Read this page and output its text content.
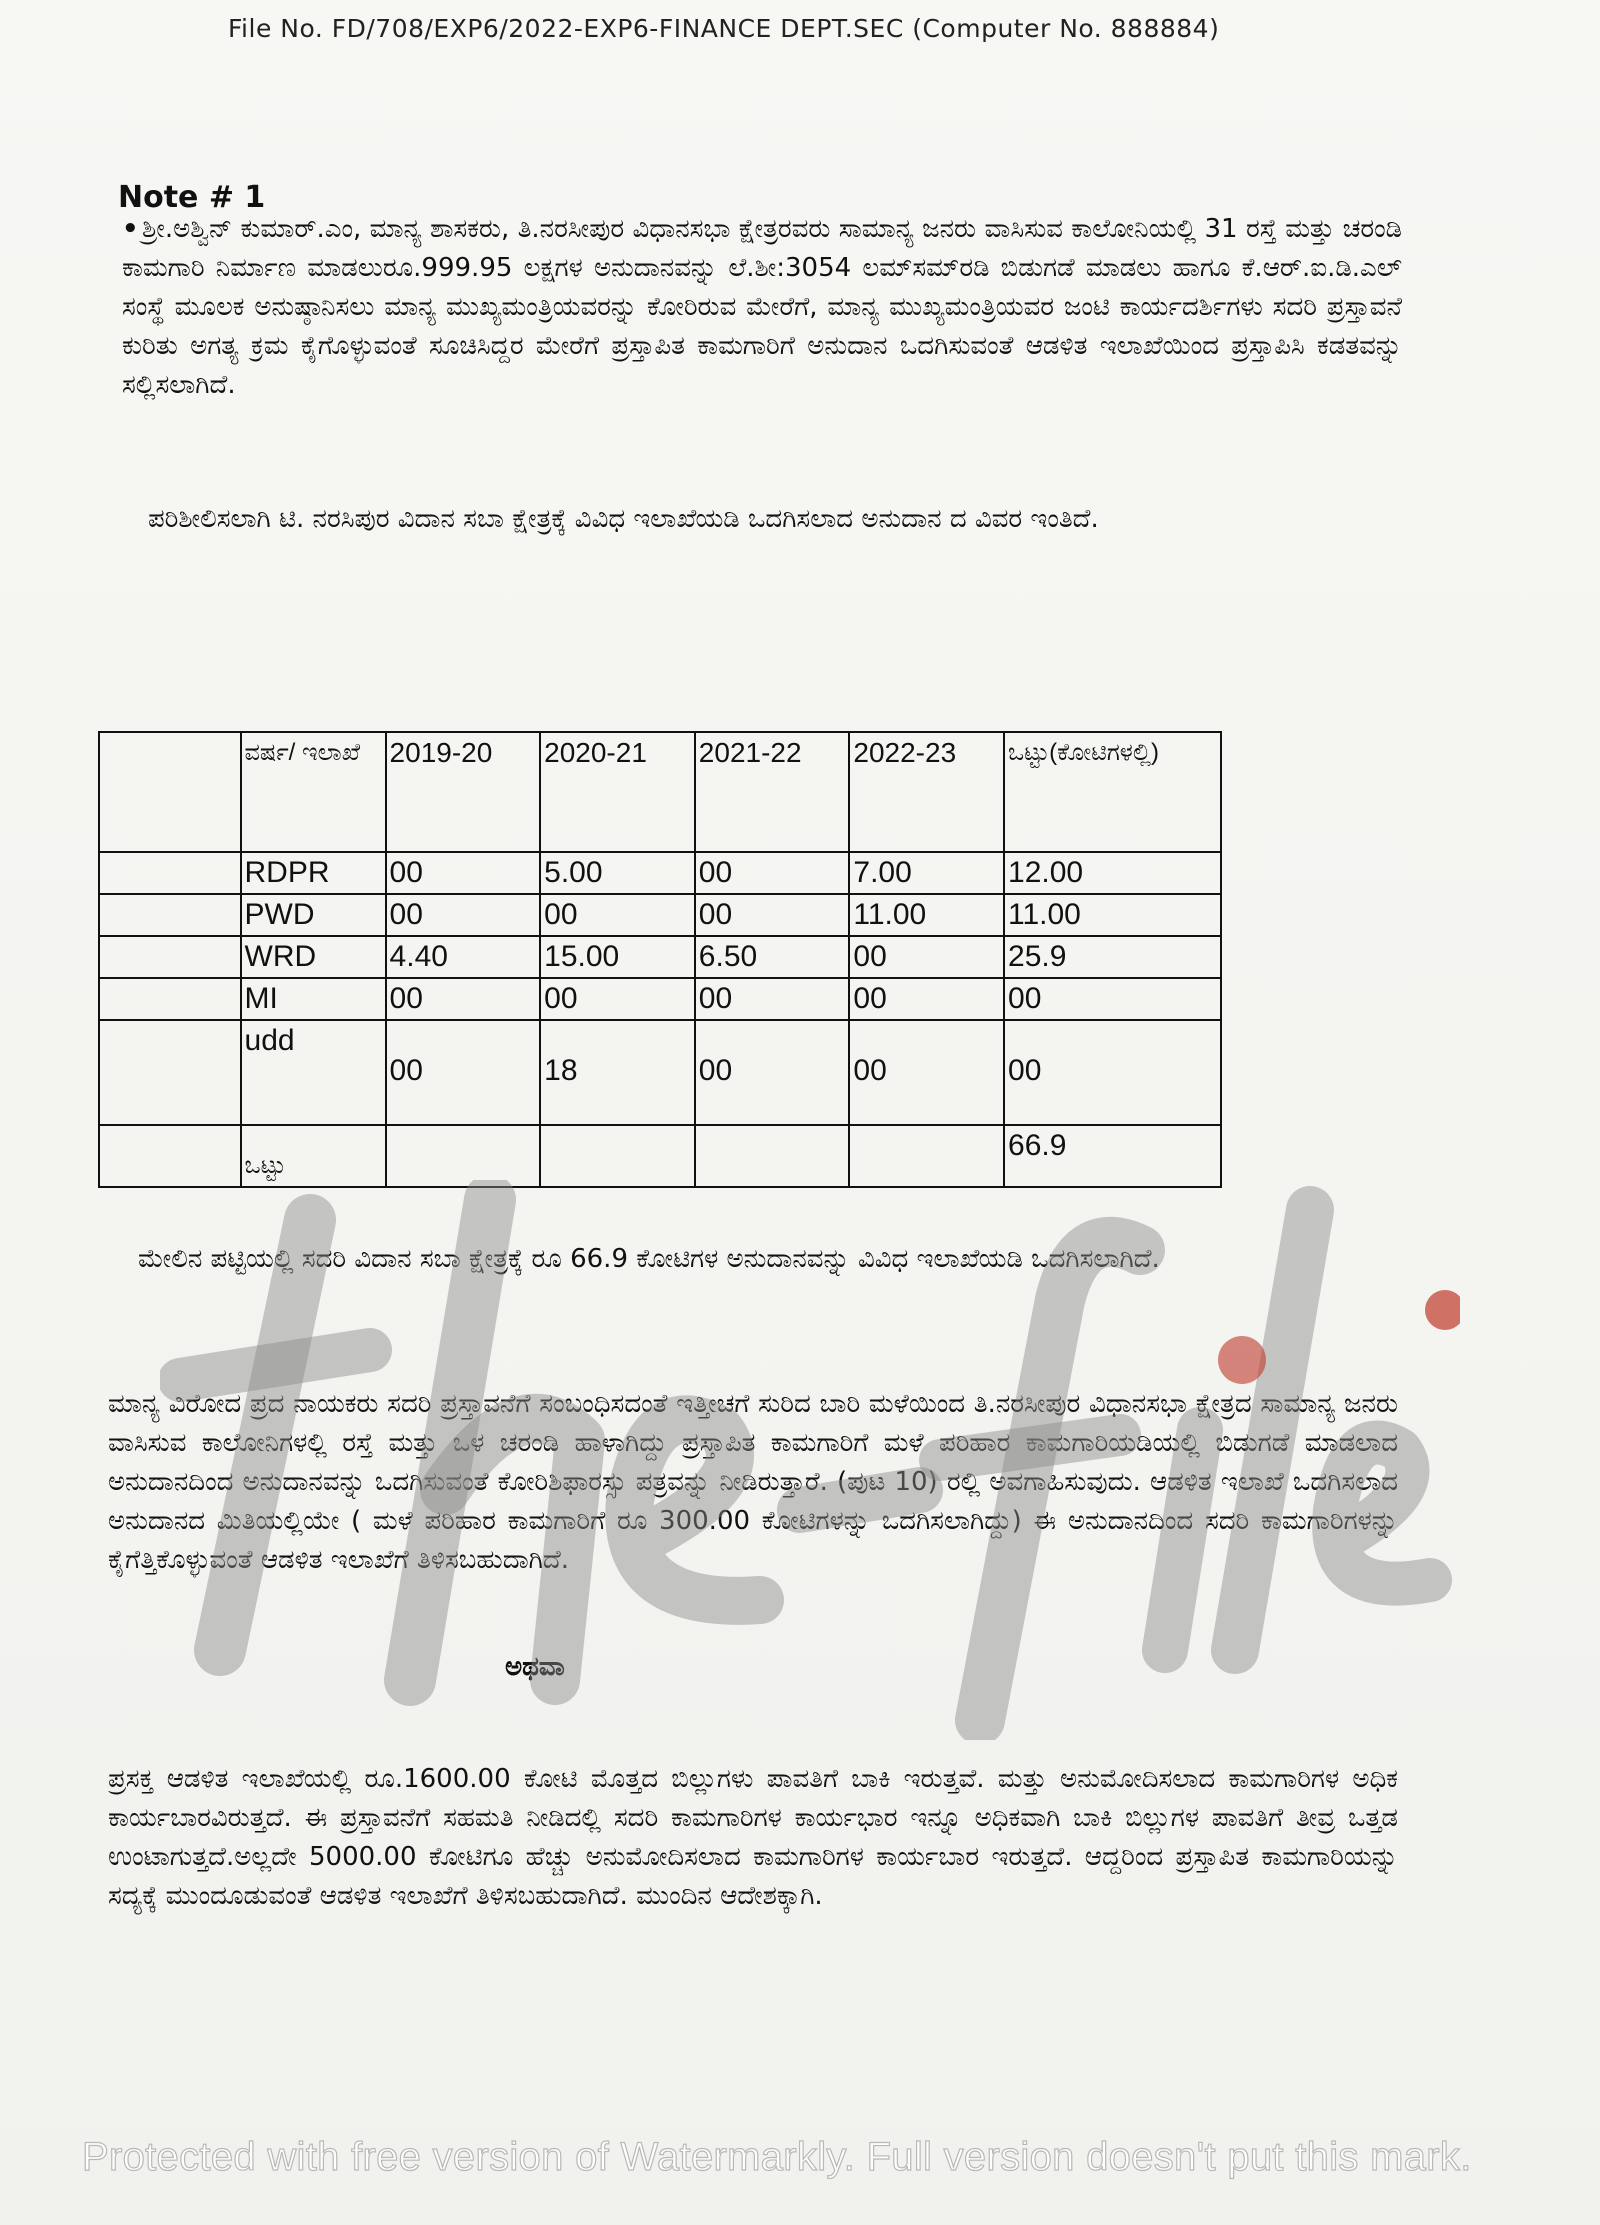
File No. FD/708/EXP6/2022-EXP6-FINANCE DEPT.SEC (Computer No. 888884)
Note # 1
• ಶ್ರೀ.ಅಶ್ವಿನ್ ಕುಮಾರ್.ಎಂ, ಮಾನ್ಯ ಶಾಸಕರು, ತಿ.ನರಸೀಪುರ ವಿಧಾನಸಭಾ ಕ್ಷೇತ್ರರವರು ಸಾಮಾನ್ಯ ಜನರು ವಾಸಿಸುವ ಕಾಲೋನಿಯಲ್ಲಿ 31 ರಸ್ತೆ ಮತ್ತು ಚರಂಡಿ ಕಾಮಗಾರಿ ನಿರ್ಮಾಣ ಮಾಡಲುರೂ.999.95 ಲಕ್ಷಗಳ ಅನುದಾನವನ್ನು ಲೆ.ಶೀ:3054 ಲಮ್‌ಸಮ್‌ರಡಿ ಬಿಡುಗಡೆ ಮಾಡಲು ಹಾಗೂ ಕೆ.ಆರ್.ಐ.ಡಿ.ಎಲ್ ಸಂಸ್ಥೆ ಮೂಲಕ ಅನುಷ್ಠಾನಿಸಲು ಮಾನ್ಯ ಮುಖ್ಯಮಂತ್ರಿಯವರನ್ನು ಕೋರಿರುವ ಮೇರೆಗೆ, ಮಾನ್ಯ ಮುಖ್ಯಮಂತ್ರಿಯವರ ಜಂಟಿ ಕಾರ್ಯದರ್ಶಿಗಳು ಸದರಿ ಪ್ರಸ್ತಾವನೆ ಕುರಿತು ಅಗತ್ಯ ಕ್ರಮ ಕೈಗೊಳ್ಳುವಂತೆ ಸೂಚಿಸಿದ್ದರ ಮೇರೆಗೆ ಪ್ರಸ್ತಾಪಿತ ಕಾಮಗಾರಿಗೆ ಅನುದಾನ ಒದಗಿಸುವಂತೆ ಆಡಳಿತ ಇಲಾಖೆಯಿಂದ ಪ್ರಸ್ತಾಪಿಸಿ ಕಡತವನ್ನು ಸಲ್ಲಿಸಲಾಗಿದೆ.
ಪರಿಶೀಲಿಸಲಾಗಿ ಟಿ. ನರಸಿಪುರ ವಿದಾನ ಸಬಾ ಕ್ಷೇತ್ರಕ್ಕೆ ವಿವಿಧ ಇಲಾಖೆಯಡಿ ಒದಗಿಸಲಾದ ಅನುದಾನ ದ ವಿವರ ಇಂತಿದೆ.
	ವರ್ಷ/ ಇಲಾಖೆ	2019-20	2020-21	2021-22	2022-23	ಒಟ್ಟು(ಕೋಟಿಗಳಲ್ಲಿ)
	RDPR	00	5.00	00	7.00	12.00
	PWD	00	00	00	11.00	11.00
	WRD	4.40	15.00	6.50	00	25.9
	MI	00	00	00	00	00
	udd	00	18	00	00	00

	ಒಟ್ಟು					66.9
ಮೇಲಿನ ಪಟ್ಟಿಯಲ್ಲಿ ಸದರಿ ವಿದಾನ ಸಬಾ ಕ್ಷೇತ್ರಕ್ಕೆ ರೂ 66.9 ಕೋಟಿಗಳ ಅನುದಾನವನ್ನು ವಿವಿಧ ಇಲಾಖೆಯಡಿ ಒದಗಿಸಲಾಗಿದೆ.
ಮಾನ್ಯ ವಿರೋದ ಪ್ರದ ನಾಯಕರು ಸದರಿ ಪ್ರಸ್ತಾವನೆಗೆ ಸಂಬಂಧಿಸದಂತೆ ಇತ್ತೀಚಗೆ ಸುರಿದ ಬಾರಿ ಮಳೆಯಿಂದ ತಿ.ನರಸೀಪುರ ವಿಧಾನಸಭಾ ಕ್ಷೇತ್ರದ ಸಾಮಾನ್ಯ ಜನರು ವಾಸಿಸುವ ಕಾಲೋನಿಗಳಲ್ಲಿ ರಸ್ತೆ ಮತ್ತು ಒಳ ಚರಂಡಿ ಹಾಳಾಗಿದ್ದು ಪ್ರಸ್ತಾಪಿತ ಕಾಮಗಾರಿಗೆ ಮಳೆ ಪರಿಹಾರ ಕಾಮಗಾರಿಯಡಿಯಲ್ಲಿ ಬಿಡುಗಡೆ ಮಾಡಲಾದ ಅನುದಾನದಿಂದ ಅನುದಾನವನ್ನು ಒದಗಿಸುವಂತೆ ಕೋರಿಶಿಫಾರಸ್ಸು ಪತ್ರವನ್ನು ನೀಡಿರುತ್ತಾರೆ. (ಪುಟ 10) ರಲ್ಲಿ ಅವಗಾಹಿಸುವುದು. ಆಡಳಿತ ಇಲಾಖೆ ಒದಗಿಸಲಾದ ಅನುದಾನದ ಮಿತಿಯಲ್ಲಿಯೇ ( ಮಳೆ ಪರಿಹಾರ ಕಾಮಗಾರಿಗೆ ರೂ 300.00 ಕೋಟಿಗಳನ್ನು ಒದಗಿಸಲಾಗಿದ್ದು) ಈ ಅನುದಾನದಿಂದ ಸದರಿ ಕಾಮಗಾರಿಗಳನ್ನು ಕೈಗೆತ್ತಿಕೊಳ್ಳುವಂತೆ ಆಡಳಿತ ಇಲಾಖೆಗೆ ತಿಳಿಸಬಹುದಾಗಿದೆ.
ಅಥವಾ
ಪ್ರಸಕ್ತ ಆಡಳಿತ ಇಲಾಖೆಯಲ್ಲಿ ರೂ.1600.00 ಕೋಟಿ ಮೊತ್ತದ ಬಿಲ್ಲುಗಳು ಪಾವತಿಗೆ ಬಾಕಿ ಇರುತ್ತವೆ. ಮತ್ತು ಅನುಮೋದಿಸಲಾದ ಕಾಮಗಾರಿಗಳ ಅಧಿಕ ಕಾರ್ಯಬಾರವಿರುತ್ತದೆ. ಈ ಪ್ರಸ್ತಾವನೆಗೆ ಸಹಮತಿ ನೀಡಿದಲ್ಲಿ ಸದರಿ ಕಾಮಗಾರಿಗಳ ಕಾರ್ಯಭಾರ ಇನ್ನೂ ಅಧಿಕವಾಗಿ ಬಾಕಿ ಬಿಲ್ಲುಗಳ ಪಾವತಿಗೆ ತೀವ್ರ ಒತ್ತಡ ಉಂಟಾಗುತ್ತದೆ.ಅಲ್ಲದೇ 5000.00 ಕೋಟಿಗೂ ಹೆಚ್ಚು ಅನುಮೋದಿಸಲಾದ ಕಾಮಗಾರಿಗಳ ಕಾರ್ಯಬಾರ ಇರುತ್ತದೆ. ಆದ್ದರಿಂದ ಪ್ರಸ್ತಾಪಿತ ಕಾಮಗಾರಿಯನ್ನು ಸದ್ಯಕ್ಕೆ ಮುಂದೂಡುವಂತೆ ಆಡಳಿತ ಇಲಾಖೆಗೆ ತಿಳಿಸಬಹುದಾಗಿದೆ. ಮುಂದಿನ ಆದೇಶಕ್ಕಾಗಿ.
Protected with free version of Watermarkly. Full version doesn't put this mark.
